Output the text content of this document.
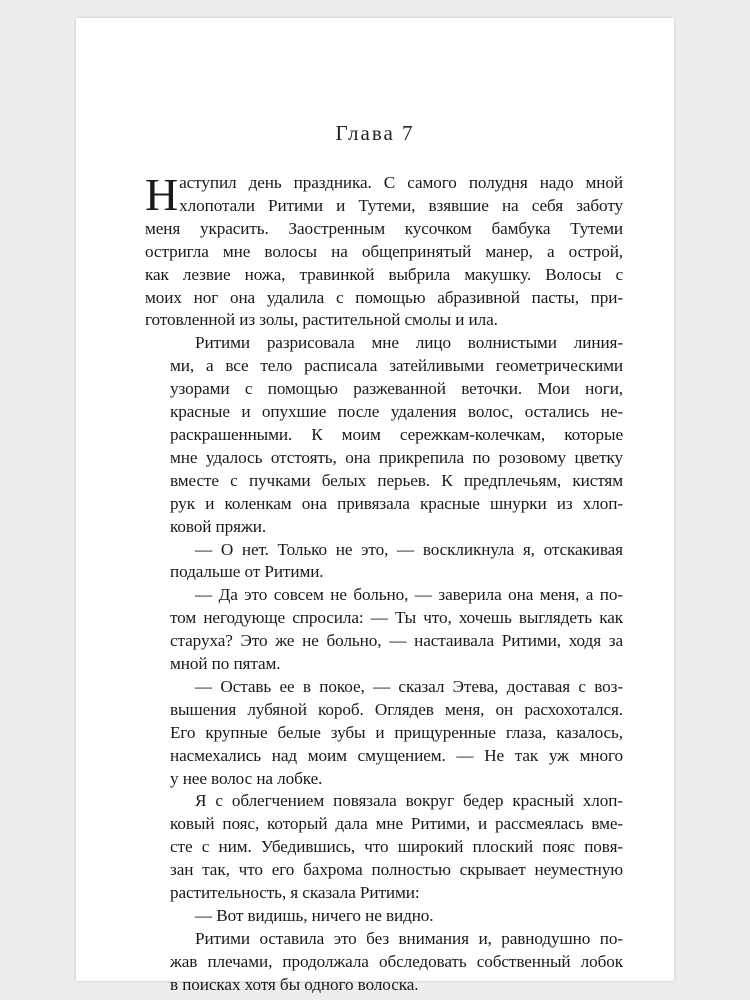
Глава 7

Н аступил день праздника. С самого полудня надо мной
хлопотали Ритими и Тутеми, взявшие на себя заботу
меня украсить. Заостренным кусочком бамбука Тутеми
остригла мне волосы на общепринятый манер, а острой,
как лезвие ножа, травинкой выбрила макушку. Волосы с
моих ног она удалила с помощью абразивной пасты, при-
готовленной из золы, растительной смолы и ила.

Ритими разрисовала мне лицо волнистыми линия-
ми, а все тело расписала затейливыми геометрическими
узорами с помощью разжеванной веточки. Мои ноги,
красные и опухшие после удаления волос, остались не-
раскрашенными. К моим сережкам-колечкам, которые
мне удалось отстоять, она прикрепила по розовому цветку
вместе с пучками белых перьев. К предплечьям, кистям
рук и коленкам она привязала красные шнурки из хлоп-
ковой пряжи.

— О нет. Только не это, — воскликнула я, отскакивая
подальше от Ритими.

— Да это совсем не больно, — заверила она меня, а по-
том негодующе спросила: — Ты что, хочешь выглядеть как
старуха? Это же не больно, — настаивала Ритими, ходя за
мной по пятам.

— Оставь ее в покое, — сказал Этева, доставая с воз-
вышения лубяной короб. Оглядев меня, он расхохотался.
Его крупные белые зубы и прищуренные глаза, казалось,
насмехались над моим смущением. — Не так уж много
у нее волос на лобке.

Я с облегчением повязала вокруг бедер красный хлоп-
ковый пояс, который дала мне Ритими, и рассмеялась вме-
сте с ним. Убедившись, что широкий плоский пояс повя-
зан так, что его бахрома полностью скрывает неуместную
растительность, я сказала Ритими:

— Вот видишь, ничего не видно.

Ритими оставила это без внимания и, равнодушно по-
жав плечами, продолжала обследовать собственный лобок
в поисках хотя бы одного волоска.
